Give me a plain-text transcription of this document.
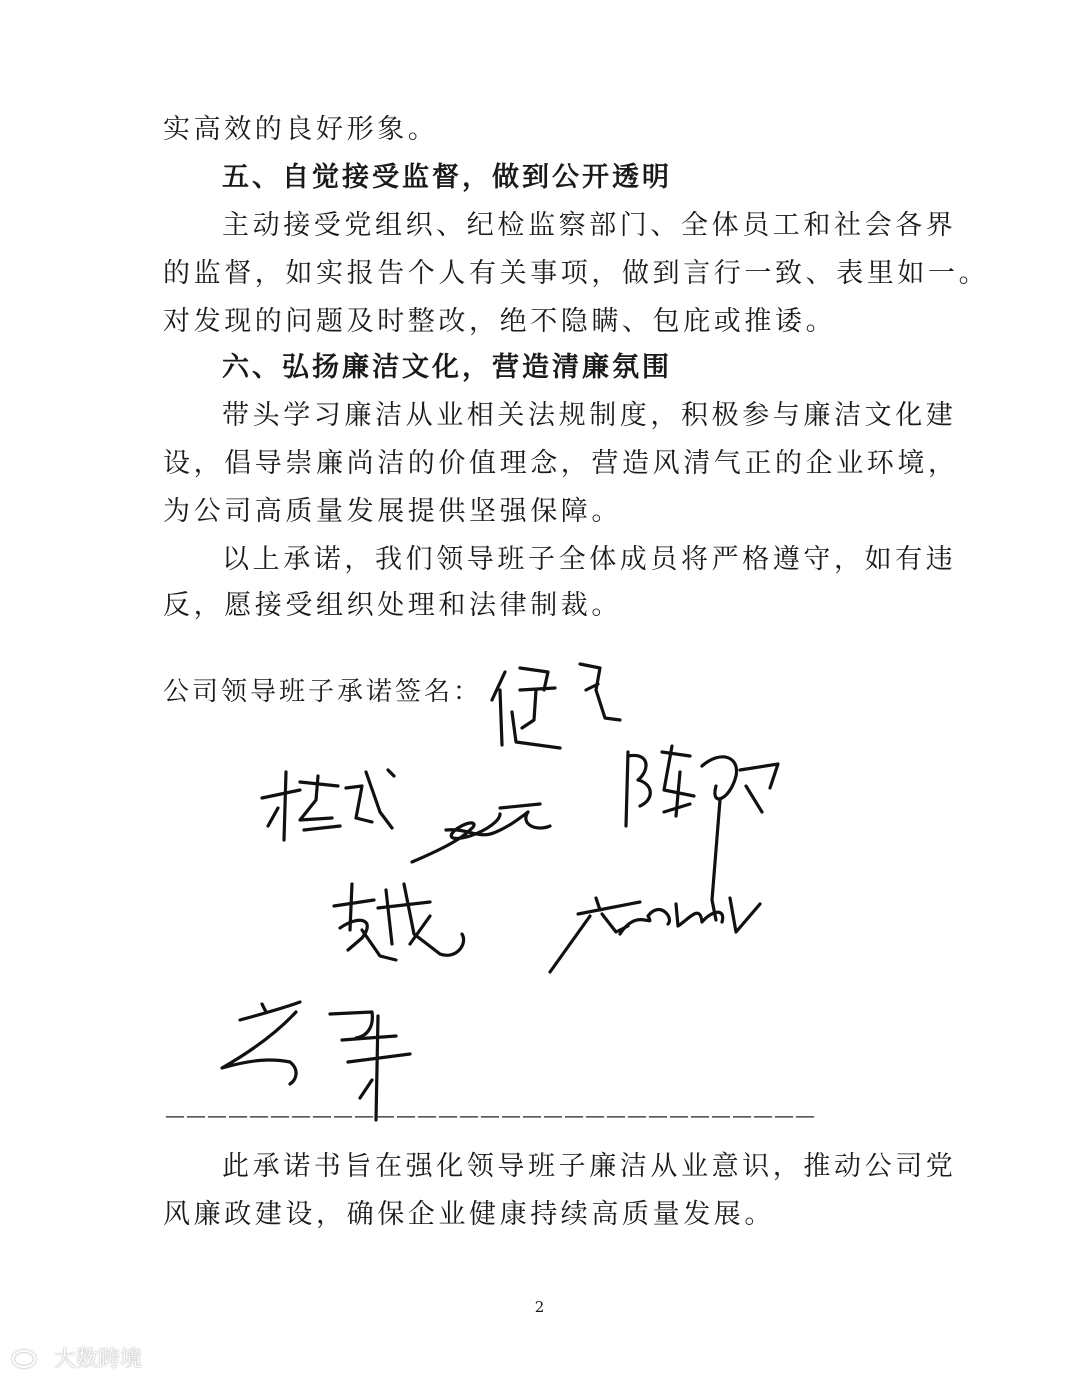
实高效的良好形象。
五、自觉接受监督，做到公开透明
主动接受党组织、纪检监察部门、全体员工和社会各界
的监督，如实报告个人有关事项，做到言行一致、表里如一。
对发现的问题及时整改，绝不隐瞒、包庇或推诿。
六、弘扬廉洁文化，营造清廉氛围
带头学习廉洁从业相关法规制度，积极参与廉洁文化建
设，倡导崇廉尚洁的价值理念，营造风清气正的企业环境，
为公司高质量发展提供坚强保障。
以上承诺，我们领导班子全体成员将严格遵守，如有违
反，愿接受组织处理和法律制裁。
公司领导班子承诺签名：
———————————————————————————————
此承诺书旨在强化领导班子廉洁从业意识，推动公司党
风廉政建设，确保企业健康持续高质量发展。
2
大数跨境
